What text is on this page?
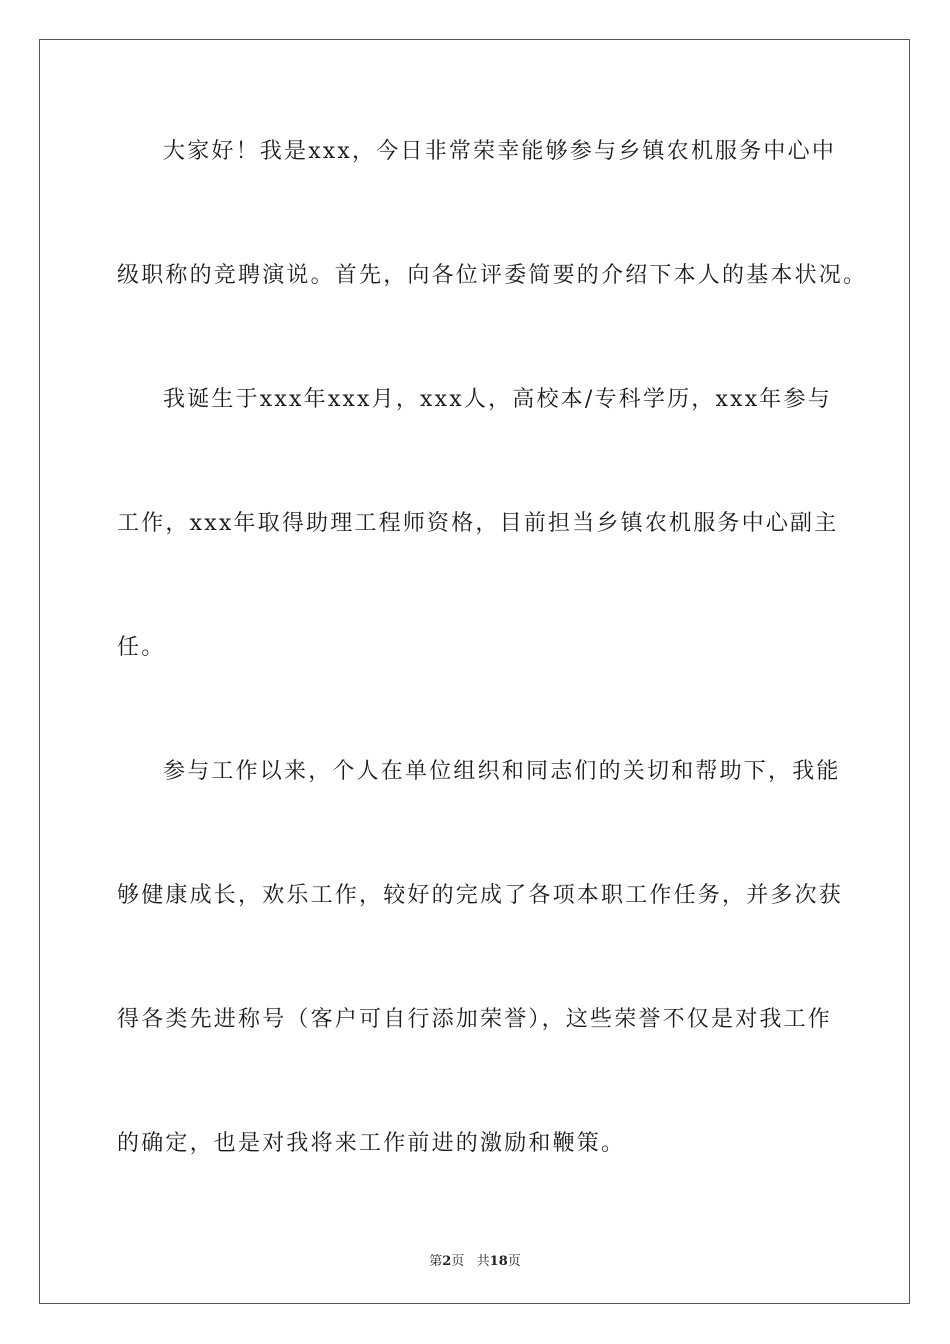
大家好！我是xxx，今日非常荣幸能够参与乡镇农机服务中心中
级职称的竞聘演说。首先，向各位评委简要的介绍下本人的基本状况。
我诞生于xxx年xxx月，xxx人，高校本/专科学历，xxx年参与
工作，xxx年取得助理工程师资格，目前担当乡镇农机服务中心副主
任。
参与工作以来，个人在单位组织和同志们的关切和帮助下，我能
够健康成长，欢乐工作，较好的完成了各项本职工作任务，并多次获
得各类先进称号（客户可自行添加荣誉），这些荣誉不仅是对我工作
的确定，也是对我将来工作前进的激励和鞭策。
第2页   共18页
